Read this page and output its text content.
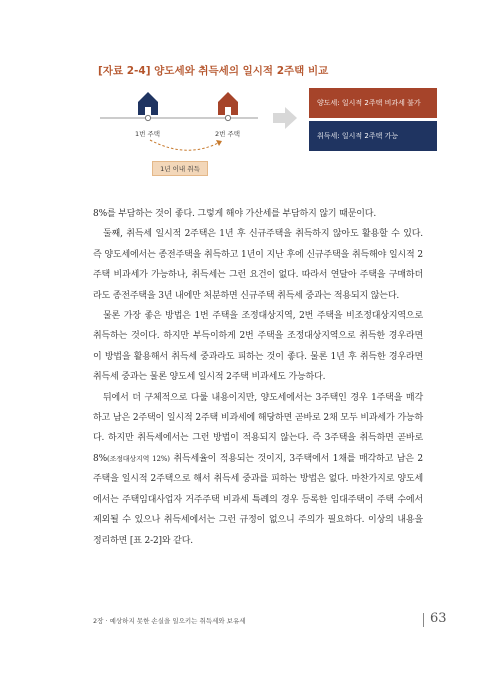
[자료 2-4] 양도세와 취득세의 일시적 2주택 비교
1번 주택	2번 주택
1년 이내 취득
양도세: 일시적 2주택 비과세 불가
취득세: 일시적 2주택 가능

8%를 부담하는 것이 좋다. 그렇게 해야 가산세를 부담하지 않기 때문이다.

둘째, 취득세 일시적 2주택은 1년 후 신규주택을 취득하지 않아도 활용할 수 있다. 즉 양도세에서는 종전주택을 취득하고 1년이 지난 후에 신규주택을 취득해야 일시적 2주택 비과세가 가능하나, 취득세는 그런 요건이 없다. 따라서 연달아 주택을 구매하더라도 종전주택을 3년 내에만 처분하면 신규주택 취득세 중과는 적용되지 않는다.

물론 가장 좋은 방법은 1번 주택을 조정대상지역, 2번 주택을 비조정대상지역으로 취득하는 것이다. 하지만 부득이하게 2번 주택을 조정대상지역으로 취득한 경우라면 이 방법을 활용해서 취득세 중과라도 피하는 것이 좋다. 물론 1년 후 취득한 경우라면 취득세 중과는 물론 양도세 일시적 2주택 비과세도 가능하다.

뒤에서 더 구체적으로 다룰 내용이지만, 양도세에서는 3주택인 경우 1주택을 매각하고 남은 2주택이 일시적 2주택 비과세에 해당하면 곧바로 2채 모두 비과세가 가능하다. 하지만 취득세에서는 그런 방법이 적용되지 않는다. 즉 3주택을 취득하면 곧바로 8%(조정대상지역 12%) 취득세율이 적용되는 것이지, 3주택에서 1채를 매각하고 남은 2주택을 일시적 2주택으로 해서 취득세 중과를 피하는 방법은 없다. 마찬가지로 양도세에서는 주택임대사업자 거주주택 비과세 특례의 경우 등록한 임대주택이 주택 수에서 제외될 수 있으나 취득세에서는 그런 규정이 없으니 주의가 필요하다. 이상의 내용을 정리하면 [표 2-2]와 같다.

2장 · 예상하지 못한 손실을 일으키는 취득세와 보유세	63
